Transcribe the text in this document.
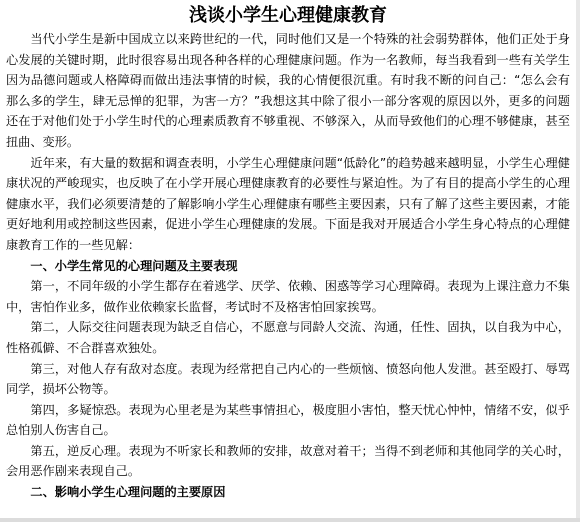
浅谈小学生心理健康教育

当代小学生是新中国成立以来跨世纪的一代，同时他们又是一个特殊的社会弱势群体，他们正处于身心发展的关键时期，此时很容易出现各种各样的心理健康问题。作为一名教师，每当我看到一些有关学生因为品德问题或人格障碍而做出违法事情的时候，我的心情便很沉重。有时我不断的问自己：“怎么会有那么多的学生，肆无忌惮的犯罪，为害一方？”我想这其中除了很小一部分客观的原因以外，更多的问题还在于对他们处于小学生时代的心理素质教育不够重视、不够深入，从而导致他们的心理不够健康，甚至扭曲、变形。

近年来，有大量的数据和调查表明，小学生心理健康问题“低龄化”的趋势越来越明显，小学生心理健康状况的严峻现实，也反映了在小学开展心理健康教育的必要性与紧迫性。为了有目的提高小学生的心理健康水平，我们必须要清楚的了解影响小学生心理健康有哪些主要因素，只有了解了这些主要因素，才能更好地利用或控制这些因素，促进小学生心理健康的发展。下面是我对开展适合小学生身心特点的心理健康教育工作的一些见解：

一、小学生常见的心理问题及主要表现

第一，不同年级的小学生都存在着逃学、厌学、依赖、困惑等学习心理障碍。表现为上课注意力不集中，害怕作业多，做作业依赖家长监督，考试时不及格害怕回家挨骂。

第二，人际交往问题表现为缺乏自信心，不愿意与同龄人交流、沟通，任性、固执，以自我为中心，性格孤僻、不合群喜欢独处。

第三，对他人存有敌对态度。表现为经常把自己内心的一些烦恼、愤怒向他人发泄。甚至殴打、辱骂同学，损坏公物等。

第四，多疑惊恐。表现为心里老是为某些事情担心，极度胆小害怕，整天忧心忡忡，情绪不安，似乎总怕别人伤害自己。

第五，逆反心理。表现为不听家长和教师的安排，故意对着干；当得不到老师和其他同学的关心时，会用恶作剧来表现自己。

二、影响小学生心理问题的主要原因
